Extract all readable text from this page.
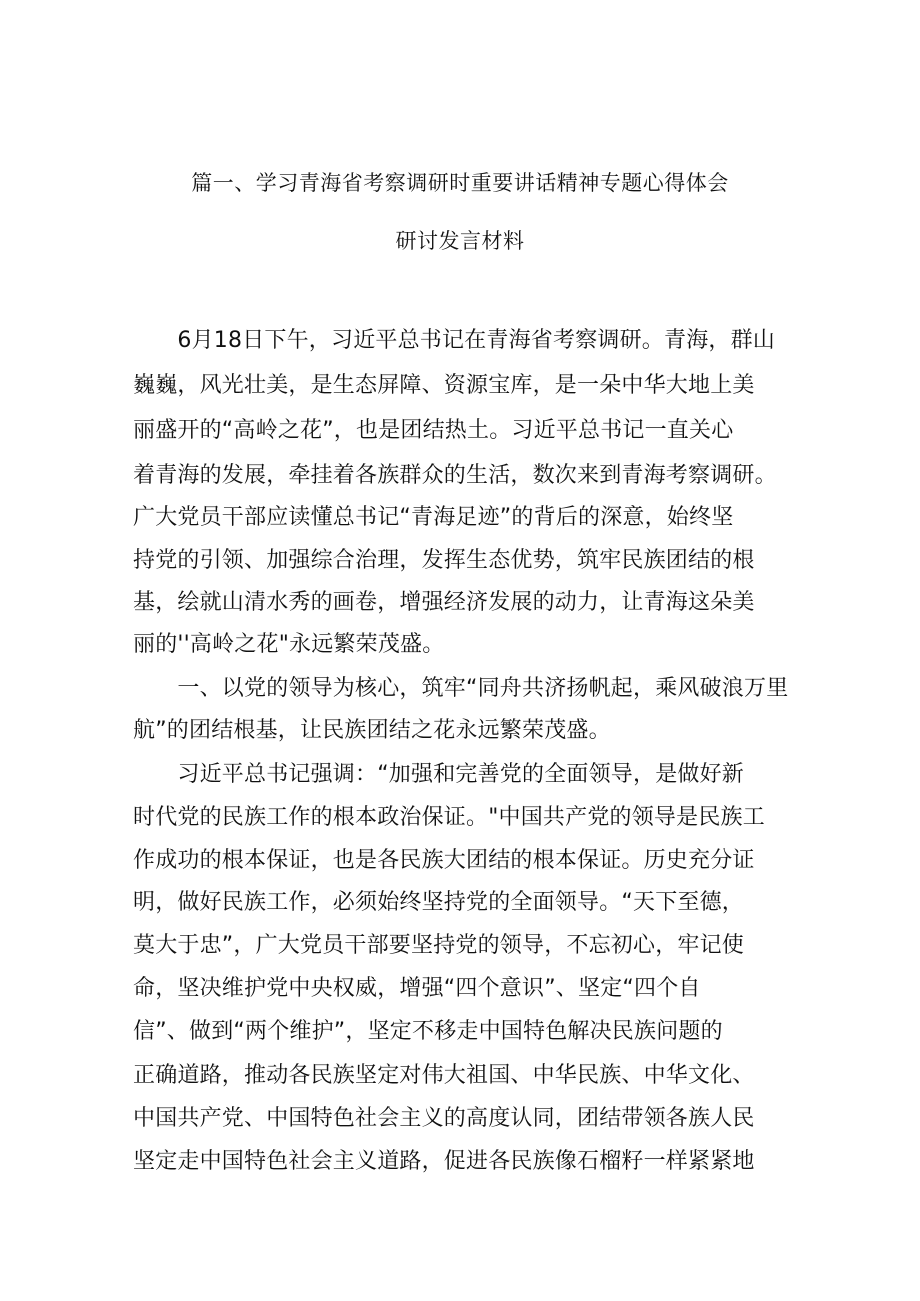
篇一、学习青海省考察调研时重要讲话精神专题心得体会
研讨发言材料
　　6月18日下午，习近平总书记在青海省考察调研。青海，群山
巍巍，风光壮美，是生态屏障、资源宝库，是一朵中华大地上美
丽盛开的“高岭之花”，也是团结热土。习近平总书记一直关心
着青海的发展，牵挂着各族群众的生活，数次来到青海考察调研。
广大党员干部应读懂总书记“青海足迹”的背后的深意，始终坚
持党的引领、加强综合治理，发挥生态优势，筑牢民族团结的根
基，绘就山清水秀的画卷，增强经济发展的动力，让青海这朵美
丽的''高岭之花"永远繁荣茂盛。
　　一、以党的领导为核心，筑牢“同舟共济扬帆起，乘风破浪万里
航”的团结根基，让民族团结之花永远繁荣茂盛。
　　习近平总书记强调：“加强和完善党的全面领导，是做好新
时代党的民族工作的根本政治保证。"中国共产党的领导是民族工
作成功的根本保证，也是各民族大团结的根本保证。历史充分证
明，做好民族工作，必须始终坚持党的全面领导。“天下至德，
莫大于忠”，广大党员干部要坚持党的领导，不忘初心，牢记使
命，坚决维护党中央权威，增强“四个意识”、坚定“四个自
信”、做到“两个维护”，坚定不移走中国特色解决民族问题的
正确道路，推动各民族坚定对伟大祖国、中华民族、中华文化、
中国共产党、中国特色社会主义的高度认同，团结带领各族人民
坚定走中国特色社会主义道路，促进各民族像石榴籽一样紧紧地
